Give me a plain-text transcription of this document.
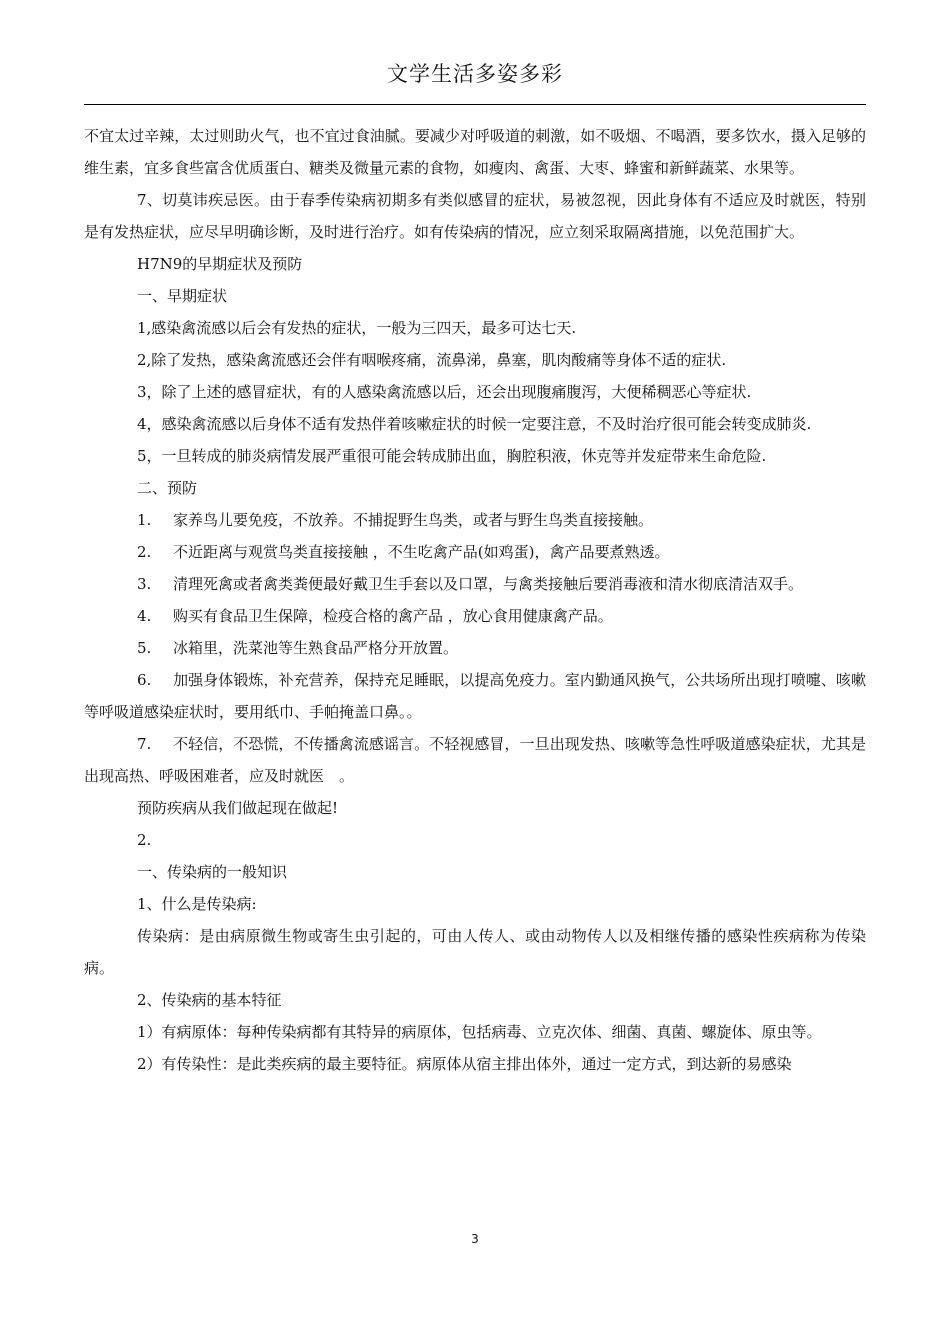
文学生活多姿多彩

不宜太过辛辣，太过则助火气，也不宜过食油腻。要减少对呼吸道的刺激，如不吸烟、不喝酒，要多饮水，摄入足够的维生素，宜多食些富含优质蛋白、糖类及微量元素的食物，如瘦肉、禽蛋、大枣、蜂蜜和新鲜蔬菜、水果等。

7、切莫讳疾忌医。由于春季传染病初期多有类似感冒的症状，易被忽视，因此身体有不适应及时就医，特别是有发热症状，应尽早明确诊断，及时进行治疗。如有传染病的情况，应立刻采取隔离措施，以免范围扩大。

H7N9的早期症状及预防

一、早期症状

1,感染禽流感以后会有发热的症状，一般为三四天，最多可达七天.

2,除了发热，感染禽流感还会伴有咽喉疼痛，流鼻涕，鼻塞，肌肉酸痛等身体不适的症状.

3，除了上述的感冒症状，有的人感染禽流感以后，还会出现腹痛腹泻，大便稀稠恶心等症状.

4，感染禽流感以后身体不适有发热伴着咳嗽症状的时候一定要注意，不及时治疗很可能会转变成肺炎.

5，一旦转成的肺炎病情发展严重很可能会转成肺出血，胸腔积液，休克等并发症带来生命危险.

二、预防

1. 家养鸟儿要免疫，不放养。不捕捉野生鸟类，或者与野生鸟类直接接触。

2. 不近距离与观赏鸟类直接接触 ，不生吃禽产品(如鸡蛋)，禽产品要煮熟透。

3. 清理死禽或者禽类粪便最好戴卫生手套以及口罩，与禽类接触后要消毒液和清水彻底清洁双手。

4. 购买有食品卫生保障，检疫合格的禽产品 ，放心食用健康禽产品。

5. 冰箱里，洗菜池等生熟食品严格分开放置。

6. 加强身体锻炼，补充营养，保持充足睡眠，以提高免疫力。室内勤通风换气，公共场所出现打喷嚏、咳嗽等呼吸道感染症状时，要用纸巾、手帕掩盖口鼻。。

7. 不轻信，不恐慌，不传播禽流感谣言。不轻视感冒，一旦出现发热、咳嗽等急性呼吸道感染症状，尤其是出现高热、呼吸困难者，应及时就医　。

预防疾病从我们做起现在做起!

2.

一、传染病的一般知识

1、什么是传染病:

传染病：是由病原微生物或寄生虫引起的，可由人传人、或由动物传人以及相继传播的感染性疾病称为传染病。

2、传染病的基本特征

1）有病原体：每种传染病都有其特异的病原体，包括病毒、立克次体、细菌、真菌、螺旋体、原虫等。

2）有传染性：是此类疾病的最主要特征。病原体从宿主排出体外，通过一定方式，到达新的易感染

3
